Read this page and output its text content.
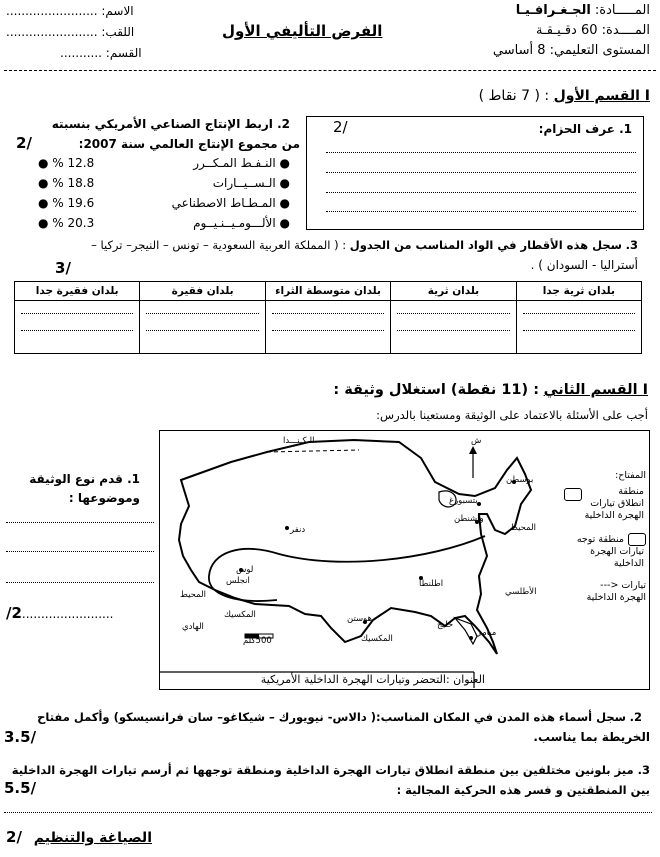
المـــــادة: الجـغـرافـيـا
المــــدة: 60 دقـيـقـة
المستوى التعليمي: 8 أساسي
الفرض التأليفي الأول
الاسم: ........................
اللقب: ........................
القسم: ...........
I القسم الأول : ( 7 نقاط )
1. عرف الحزام:
/2
2. اربط الإنتاج الصناعي الأمريكي بنسبته
من مجموع الإنتاج العالمي سنة 2007:
/2
● النـفـط المـكــرر
● الـســيــارات
● المـطـاط الاصطناعي
● الألـــومـيــنـيــوم
12.8 % ●
18.8 % ●
19.6 % ●
20.3 % ●
3. سجل هذه الأقطار في الواد المناسب من الجدول : ( المملكة العربية السعودية – تونس – النيجر– تركيا –
أستراليا - السودان ) .
/3
بلدان ثرية جدا	بلدان ثرية	بلدان متوسطة الثراء	بلدان فقيرة	بلدان فقيرة جدا

I القسم الثاني : (11 نقطة) استغلال وثيقة :
أجب على الأسئلة بالاعتماد على الوثيقة ومستعينا بالدرس:
1. قدم نوع الوثيقة
وموضوعها :
/2........................
الـكـنـــدا
بوسطن
بتسبورغ
واشنطن
المحيط
الأطلسي
دنفر
لوس
انجلس
المحيط
الهادي
اطلنطا
المكسيك	هوستن
خليج
المكسيك
ميامي
ش
500كلم
المفتاح:
منطقة
انطلاق تيارات
الهجرة الداخلية
منطقة توجه
تيارات الهجرة
الداخلية
---> تيارات
الهجرة الداخلية
العنوان :التحضر وتيارات الهجرة الداخلية الأمريكية
2. سجل أسماء هذه المدن في المكان المناسب:( دالاس- نيويورك – شيكاغو– سان فرانسيسكو) وأكمل مفتاح
الخريطة بما يناسب.
/3.5
3. ميز بلونين مختلفين بين منطقة انطلاق تيارات الهجرة الداخلية ومنطقة توجهها ثم أرسم تيارات الهجرة الداخلية
بين المنطقتين و فسر هذه الحركية المجالية :
/5.5
الصياغة والتنظيم
/2
